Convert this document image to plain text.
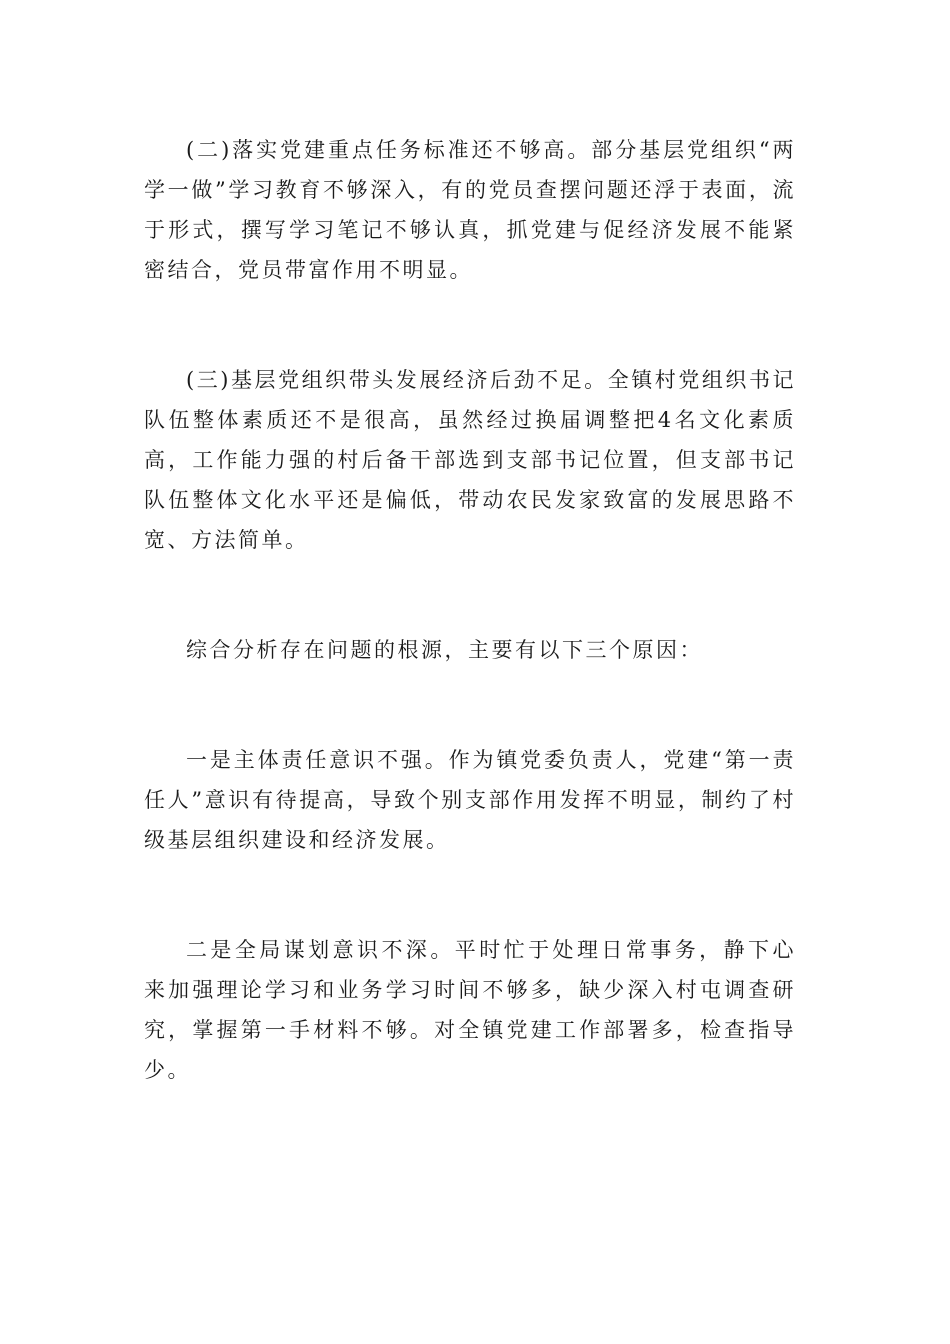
(二)落实党建重点任务标准还不够高。部分基层党组织“两学一做”学习教育不够深入，有的党员查摆问题还浮于表面，流于形式，撰写学习笔记不够认真，抓党建与促经济发展不能紧密结合，党员带富作用不明显。

(三)基层党组织带头发展经济后劲不足。全镇村党组织书记队伍整体素质还不是很高，虽然经过换届调整把4名文化素质高，工作能力强的村后备干部选到支部书记位置，但支部书记队伍整体文化水平还是偏低，带动农民发家致富的发展思路不宽、方法简单。

综合分析存在问题的根源，主要有以下三个原因：

一是主体责任意识不强。作为镇党委负责人，党建“第一责任人”意识有待提高，导致个别支部作用发挥不明显，制约了村级基层组织建设和经济发展。

二是全局谋划意识不深。平时忙于处理日常事务，静下心来加强理论学习和业务学习时间不够多，缺少深入村屯调查研究，掌握第一手材料不够。对全镇党建工作部署多，检查指导少。
